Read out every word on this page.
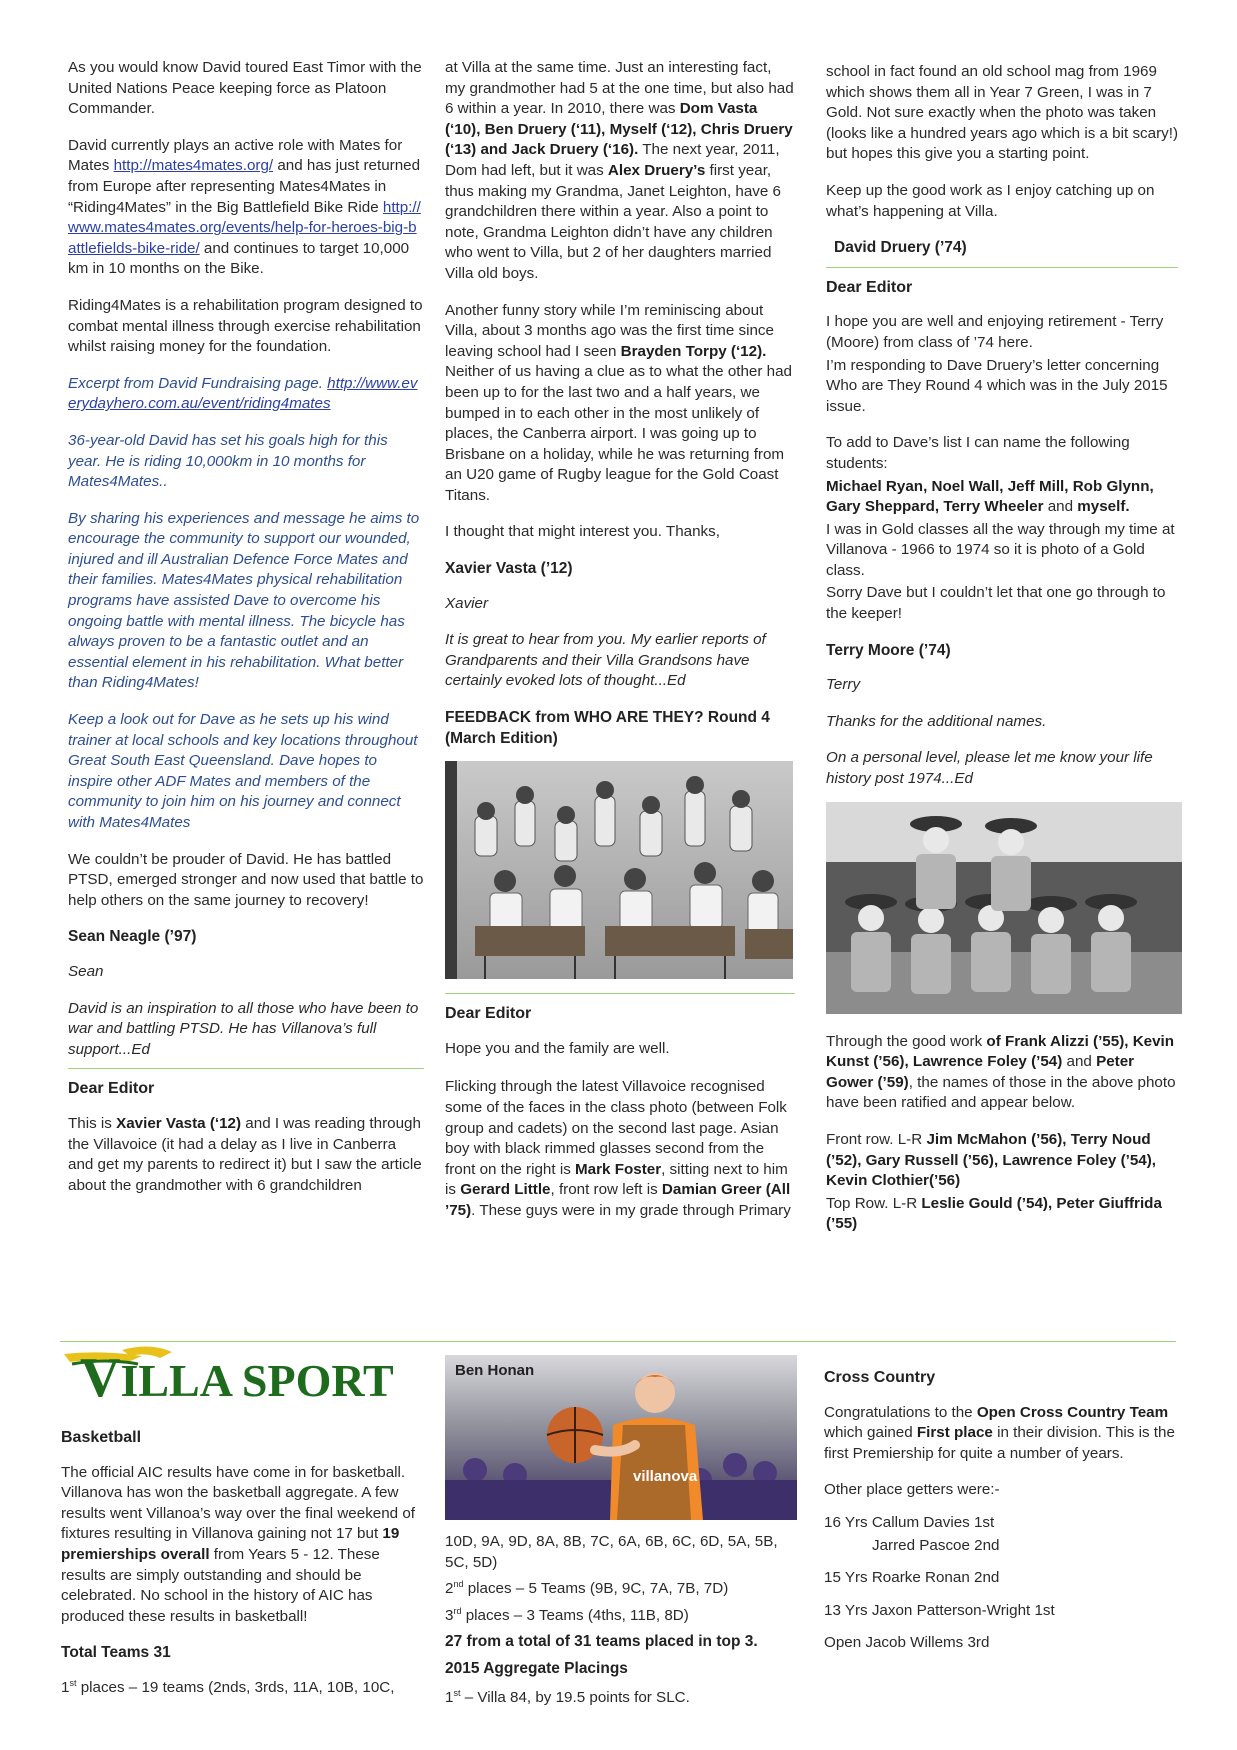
As you would know David toured East Timor with the United Nations Peace keeping force as Platoon Commander.

David currently plays an active role with Mates for Mates http://mates4mates.org/ and has just returned from Europe after representing Mates4Mates in “Riding4Mates” in the Big Battlefield Bike Ride http://www.mates4mates.org/events/help-for-heroes-big-battlefields-bike-ride/ and continues to target 10,000 km in 10 months on the Bike.

Riding4Mates is a rehabilitation program designed to combat mental illness through exercise rehabilitation whilst raising money for the foundation.

Excerpt from David Fundraising page. http://www.everydayhero.com.au/event/riding4mates

36-year-old David has set his goals high for this year. He is riding 10,000km in 10 months for Mates4Mates..

By sharing his experiences and message he aims to encourage the community to support our wounded, injured and ill Australian Defence Force Mates and their families. Mates4Mates physical rehabilitation programs have assisted Dave to overcome his ongoing battle with mental illness. The bicycle has always proven to be a fantastic outlet and an essential element in his rehabilitation. What better than Riding4Mates!

Keep a look out for Dave as he sets up his wind trainer at local schools and key locations throughout Great South East Queensland. Dave hopes to inspire other ADF Mates and members of the community to join him on his journey and connect with Mates4Mates

We couldn’t be prouder of David. He has battled PTSD, emerged stronger and now used that battle to help others on the same journey to recovery!

Sean Neagle (’97)

Sean

David is an inspiration to all those who have been to war and battling PTSD. He has Villanova’s full support...Ed

Dear Editor

This is Xavier Vasta (‘12) and I was reading through the Villavoice (it had a delay as I live in Canberra and get my parents to redirect it) but I saw the article about the grandmother with 6 grandchildren

at Villa at the same time. Just an interesting fact, my grandmother had 5 at the one time, but also had 6 within a year. In 2010, there was Dom Vasta (‘10), Ben Druery (‘11), Myself (‘12), Chris Druery (‘13) and Jack Druery (‘16). The next year, 2011, Dom had left, but it was Alex Druery’s first year, thus making my Grandma, Janet Leighton, have 6 grandchildren there within a year. Also a point to note, Grandma Leighton didn’t have any children who went to Villa, but 2 of her daughters married Villa old boys.

Another funny story while I’m reminiscing about Villa, about 3 months ago was the first time since leaving school had I seen Brayden Torpy (‘12). Neither of us having a clue as to what the other had been up to for the last two and a half years, we bumped in to each other in the most unlikely of places, the Canberra airport. I was going up to Brisbane on a holiday, while he was returning from an U20 game of Rugby league for the Gold Coast Titans.

I thought that might interest you. Thanks,

Xavier Vasta (’12)

Xavier

It is great to hear from you. My earlier reports of Grandparents and their Villa Grandsons have certainly evoked lots of thought...Ed

FEEDBACK from WHO ARE THEY? Round 4 (March Edition)
Dear Editor

Hope you and the family are well.

Flicking through the latest Villavoice recognised some of the faces in the class photo (between Folk group and cadets) on the second last page. Asian boy with black rimmed glasses second from the front on the right is Mark Foster, sitting next to him is Gerard Little, front row left is Damian Greer (All ’75). These guys were in my grade through Primary

school in fact found an old school mag from 1969 which shows them all in Year 7 Green, I was in 7 Gold. Not sure exactly when the photo was taken (looks like a hundred years ago which is a bit scary!) but hopes this give you a starting point.

Keep up the good work as I enjoy catching up on what’s happening at Villa.

David Druery (’74)
Dear Editor

I hope you are well and enjoying retirement - Terry (Moore) from class of ’74 here.

I’m responding to Dave Druery’s letter concerning Who are They Round 4 which was in the July 2015 issue.

To add to Dave’s list I can name the following students:

Michael Ryan, Noel Wall, Jeff Mill, Rob Glynn, Gary Sheppard, Terry Wheeler and myself.

I was in Gold classes all the way through my time at Villanova - 1966 to 1974 so it is photo of a Gold class.

Sorry Dave but I couldn’t let that one go through to the keeper!

Terry Moore (’74)

Terry

Thanks for the additional names.

On a personal level, please let me know your life history post 1974...Ed

Through the good work of Frank Alizzi (’55), Kevin Kunst (’56), Lawrence Foley (’54) and Peter Gower (’59), the names of those in the above photo have been ratified and appear below.

Front row. L-R Jim McMahon (’56), Terry Noud (’52), Gary Russell (’56), Lawrence Foley (’54), Kevin Clothier(’56)

Top Row. L-R Leslie Gould (’54), Peter Giuffrida (’55)

VILLA SPORT
Basketball

The official AIC results have come in for basketball. Villanova has won the basketball aggregate. A few results went Villanoa’s way over the final weekend of fixtures resulting in Villanova gaining not 17 but 19 premierships overall from Years 5 - 12. These results are simply outstanding and should be celebrated. No school in the history of AIC has produced these results in basketball!

Total Teams 31

1st places – 19 teams (2nds, 3rds, 11A, 10B, 10C,

Ben Honan
villanova

10D, 9A, 9D, 8A, 8B, 7C, 6A, 6B, 6C, 6D, 5A, 5B, 5C, 5D)

2nd places – 5 Teams (9B, 9C, 7A, 7B, 7D)

3rd places – 3 Teams (4ths, 11B, 8D)

27 from a total of 31 teams placed in top 3.
2015 Aggregate Placings

1st – Villa 84, by 19.5 points for SLC.

Cross Country

Congratulations to the Open Cross Country Team which gained First place in their division. This is the first Premiership for quite a number of years.

Other place getters were:-

16 Yrs Callum Davies 1st

Jarred Pascoe 2nd

15 Yrs Roarke Ronan 2nd

13 Yrs Jaxon Patterson-Wright 1st

Open Jacob Willems 3rd
